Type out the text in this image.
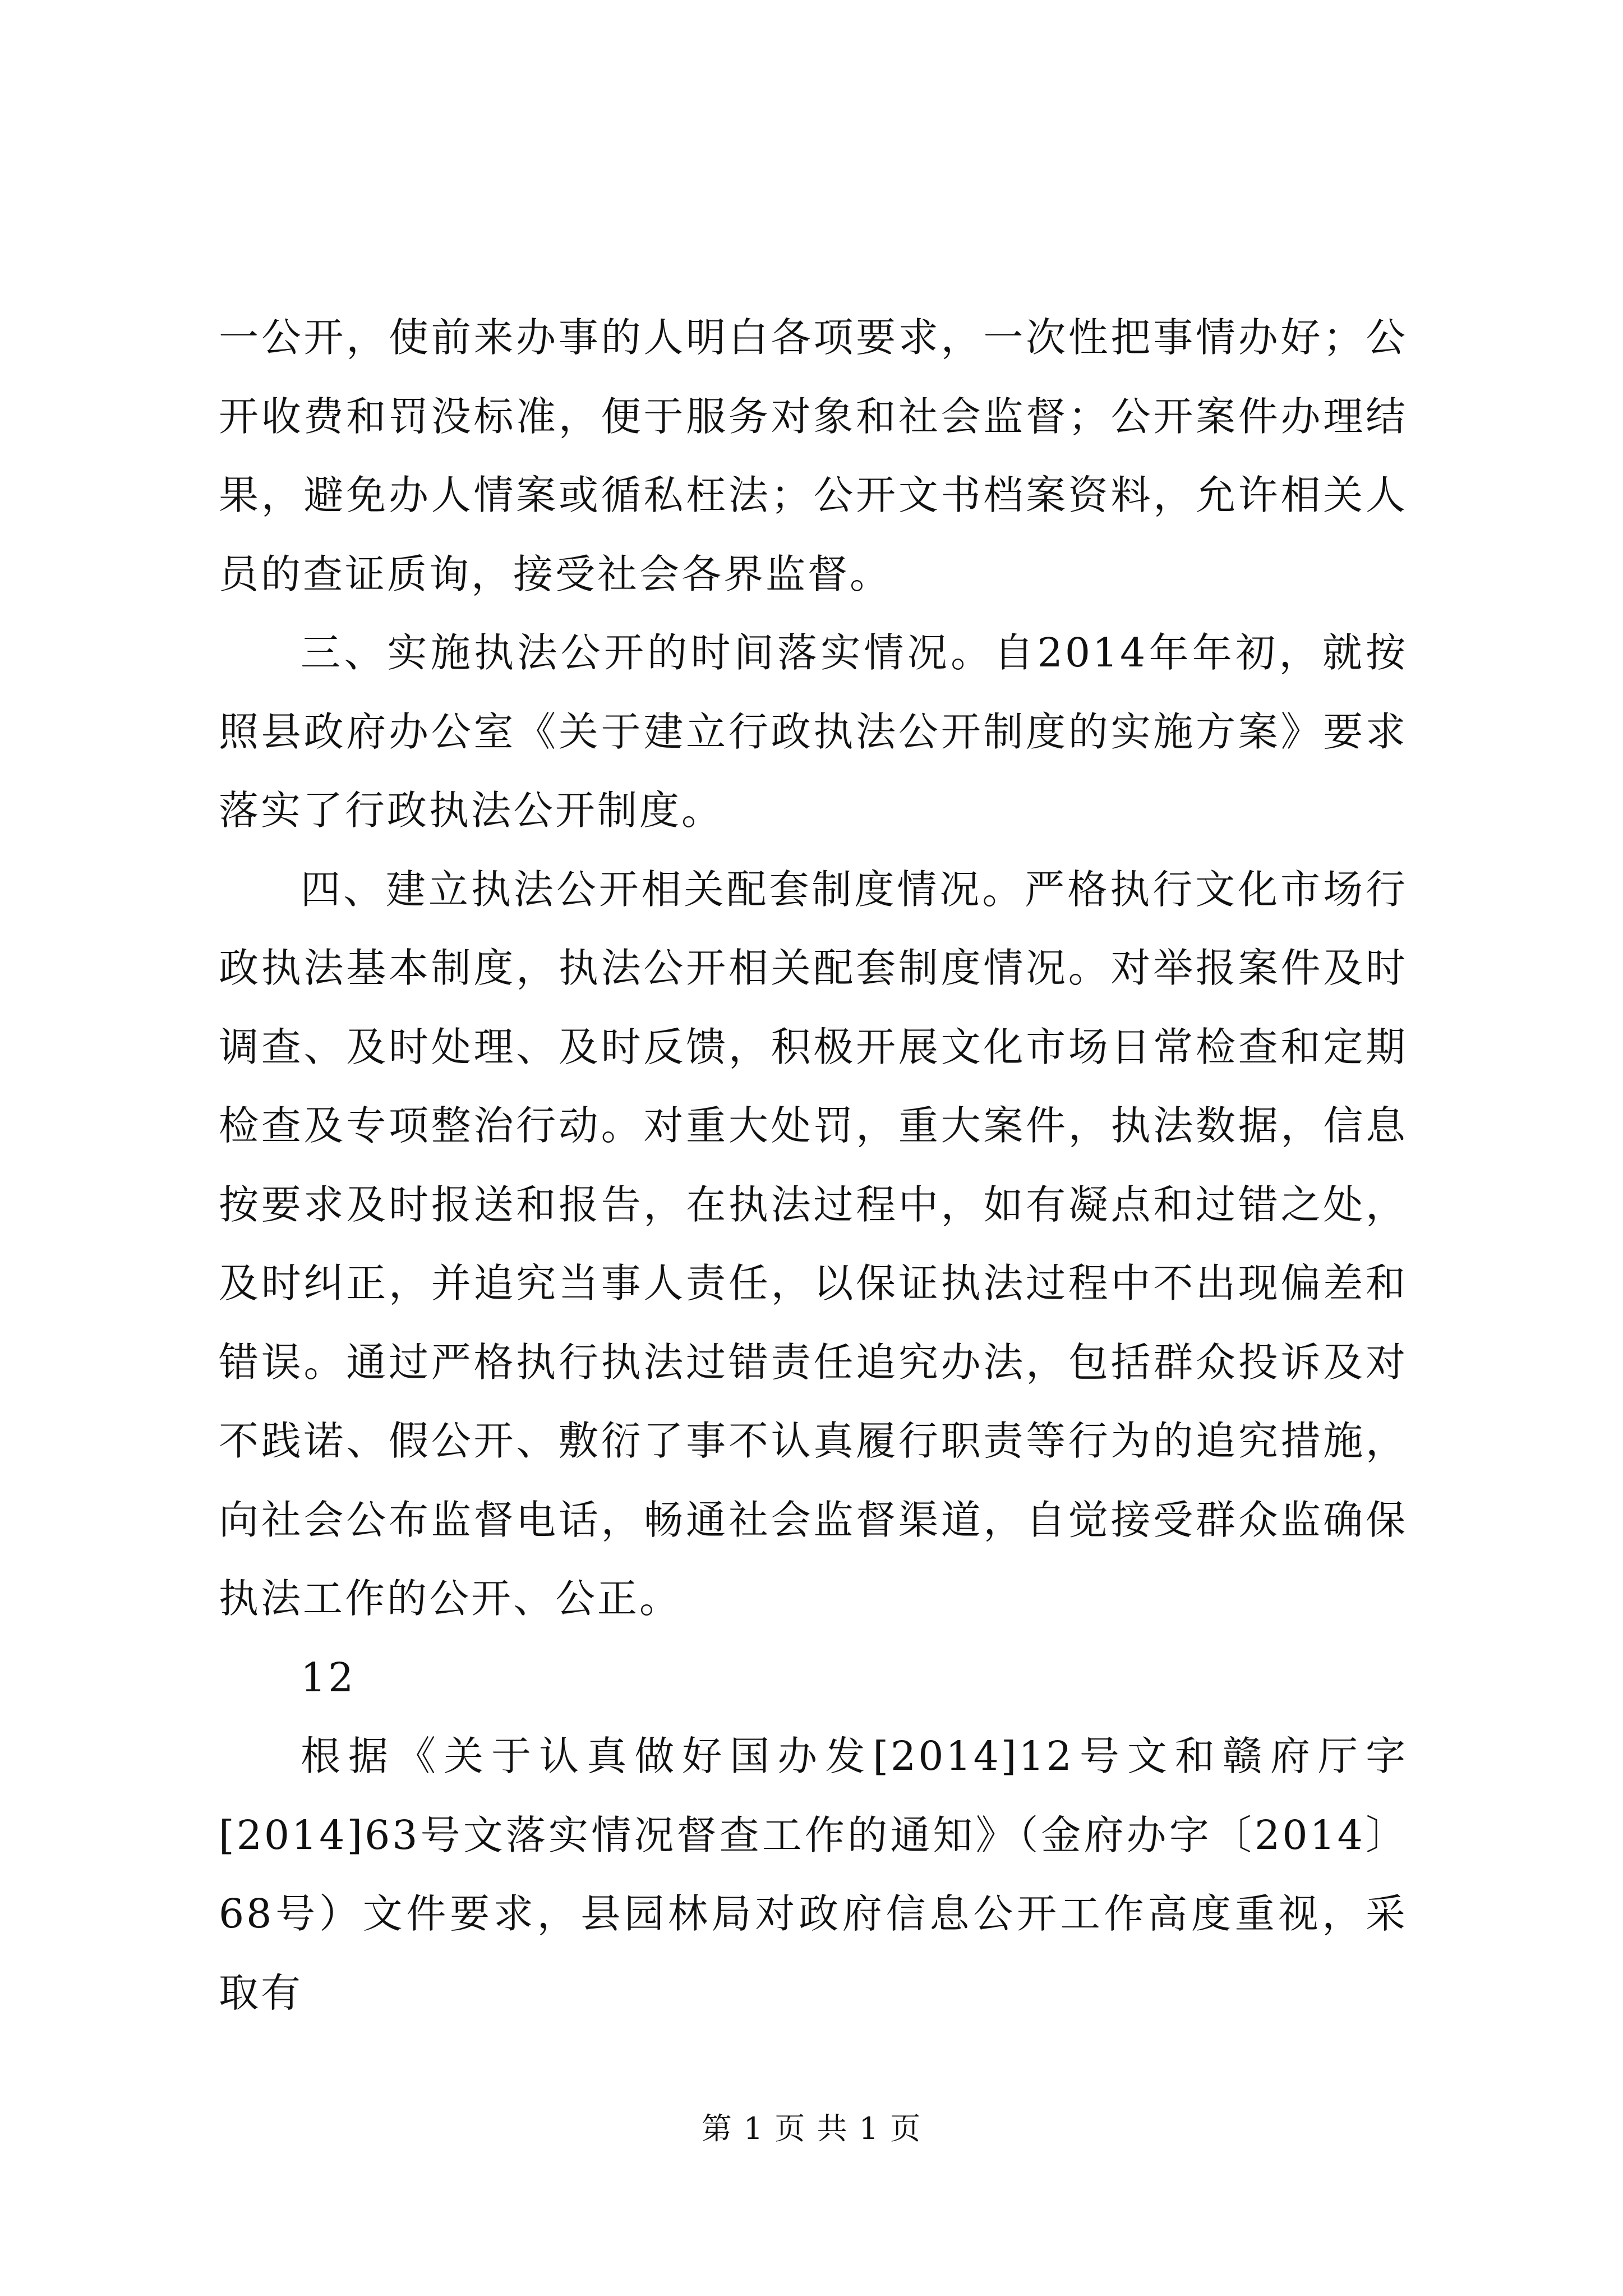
一公开，使前来办事的人明白各项要求，一次性把事情办好；公开收费和罚没标准，便于服务对象和社会监督；公开案件办理结果，避免办人情案或循私枉法；公开文书档案资料，允许相关人员的查证质询，接受社会各界监督。

三、实施执法公开的时间落实情况。自2014年年初，就按照县政府办公室《关于建立行政执法公开制度的实施方案》要求落实了行政执法公开制度。

四、建立执法公开相关配套制度情况。严格执行文化市场行政执法基本制度，执法公开相关配套制度情况。对举报案件及时调查、及时处理、及时反馈，积极开展文化市场日常检查和定期检查及专项整治行动。对重大处罚，重大案件，执法数据，信息按要求及时报送和报告，在执法过程中，如有凝点和过错之处，及时纠正，并追究当事人责任，以保证执法过程中不出现偏差和错误。通过严格执行执法过错责任追究办法，包括群众投诉及对不践诺、假公开、敷衍了事不认真履行职责等行为的追究措施，向社会公布监督电话，畅通社会监督渠道，自觉接受群众监确保执法工作的公开、公正。

12

根据《关于认真做好国办发[2014]12号文和赣府厅字[2014]63号文落实情况督查工作的通知》（金府办字〔2014〕68号）文件要求，县园林局对政府信息公开工作高度重视，采取有

第 1 页 共 1 页
